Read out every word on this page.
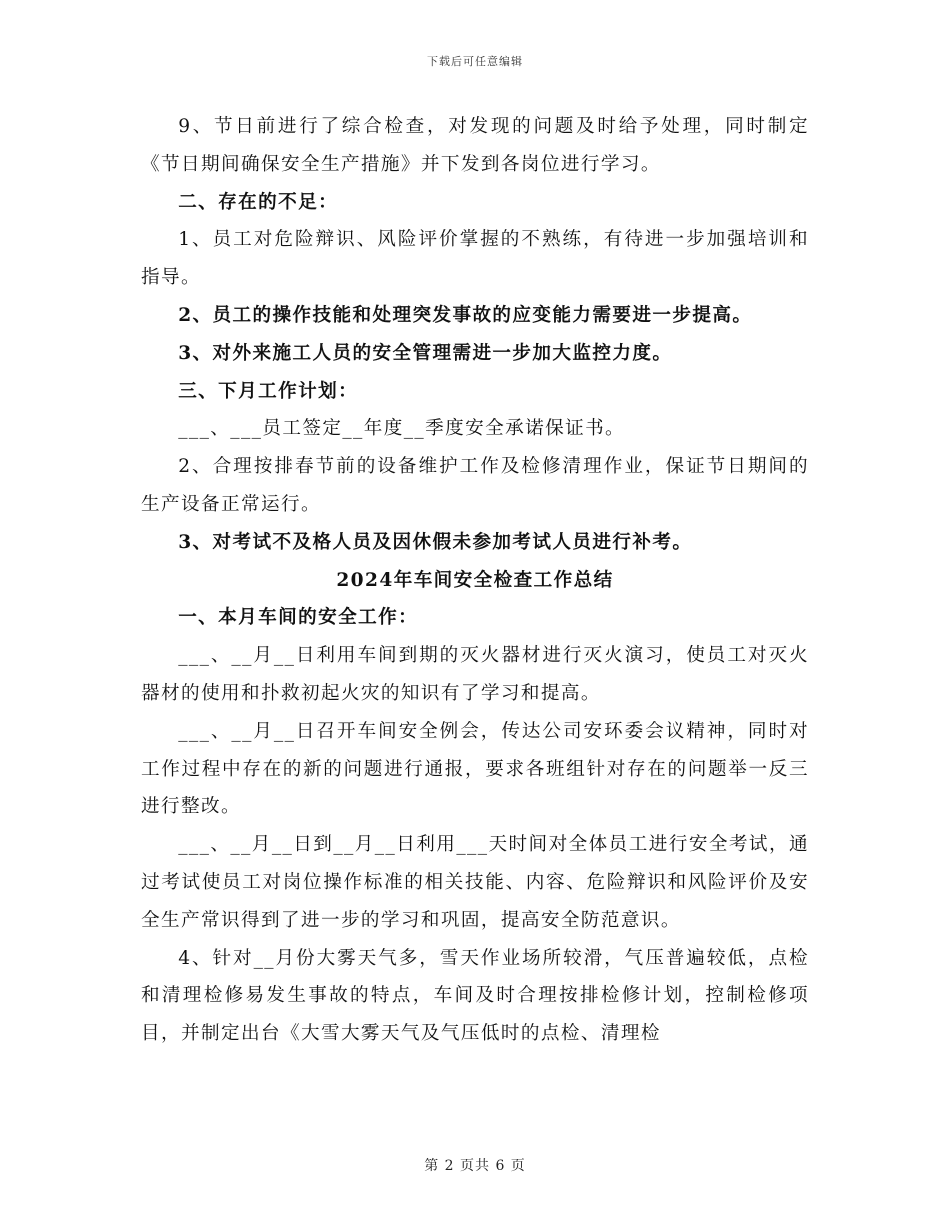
下载后可任意编辑

9、节日前进行了综合检查，对发现的问题及时给予处理，同时制定《节日期间确保安全生产措施》并下发到各岗位进行学习。

二、存在的不足：

1、员工对危险辩识、风险评价掌握的不熟练，有待进一步加强培训和指导。

2、员工的操作技能和处理突发事故的应变能力需要进一步提高。

3、对外来施工人员的安全管理需进一步加大监控力度。

三、下月工作计划：

___、___员工签定__年度__季度安全承诺保证书。

2、合理按排春节前的设备维护工作及检修清理作业，保证节日期间的生产设备正常运行。

3、对考试不及格人员及因休假未参加考试人员进行补考。

2024年车间安全检查工作总结

一、本月车间的安全工作：

___、__月__日利用车间到期的灭火器材进行灭火演习，使员工对灭火器材的使用和扑救初起火灾的知识有了学习和提高。

___、__月__日召开车间安全例会，传达公司安环委会议精神，同时对工作过程中存在的新的问题进行通报，要求各班组针对存在的问题举一反三进行整改。

___、__月__日到__月__日利用___天时间对全体员工进行安全考试，通过考试使员工对岗位操作标准的相关技能、内容、危险辩识和风险评价及安全生产常识得到了进一步的学习和巩固，提高安全防范意识。

4、针对__月份大雾天气多，雪天作业场所较滑，气压普遍较低，点检和清理检修易发生事故的特点，车间及时合理按排检修计划，控制检修项目，并制定出台《大雪大雾天气及气压低时的点检、清理检

第 2 页共 6 页
